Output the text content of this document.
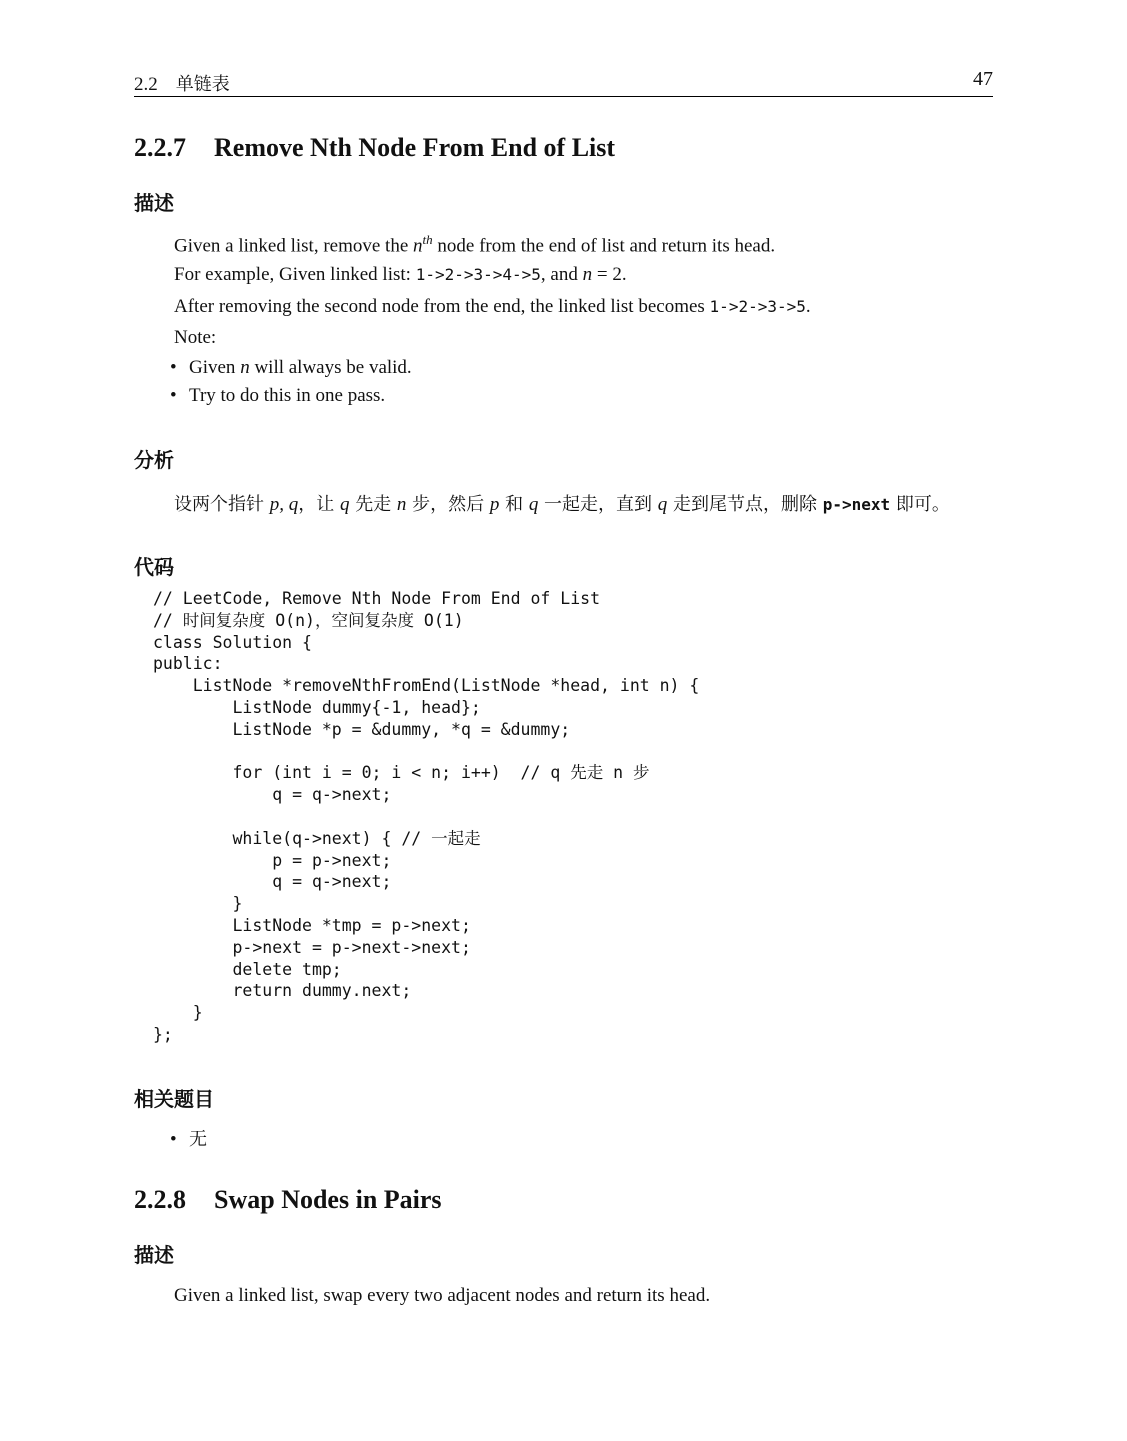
2.2 单链表	47
2.2.7 Remove Nth Node From End of List
描述
Given a linked list, remove the $n^{th}$ node from the end of list and return its head.
For example, Given linked list: 1->2->3->4->5, and n = 2.
After removing the second node from the end, the linked list becomes 1->2->3->5.
Note:
• Given n will always be valid.
• Try to do this in one pass.
分析
设两个指针 p, q，让 q 先走 n 步，然后 p 和 q 一起走，直到 q 走到尾节点，删除 p->next 即可。
代码
// LeetCode, Remove Nth Node From End of List
// 时间复杂度 O(n)，空间复杂度 O(1)
class Solution {
public:
ListNode *removeNthFromEnd(ListNode *head, int n) {
ListNode dummy{-1, head};
ListNode *p = &dummy, *q = &dummy;
for (int i = 0; i < n; i++)  // q 先走 n 步
q = q->next;
while(q->next) { // 一起走
p = p->next;
q = q->next;
}
ListNode *tmp = p->next;
p->next = p->next->next;
delete tmp;
return dummy.next;
}
};
相关题目
• 无
2.2.8 Swap Nodes in Pairs
描述
Given a linked list, swap every two adjacent nodes and return its head.
